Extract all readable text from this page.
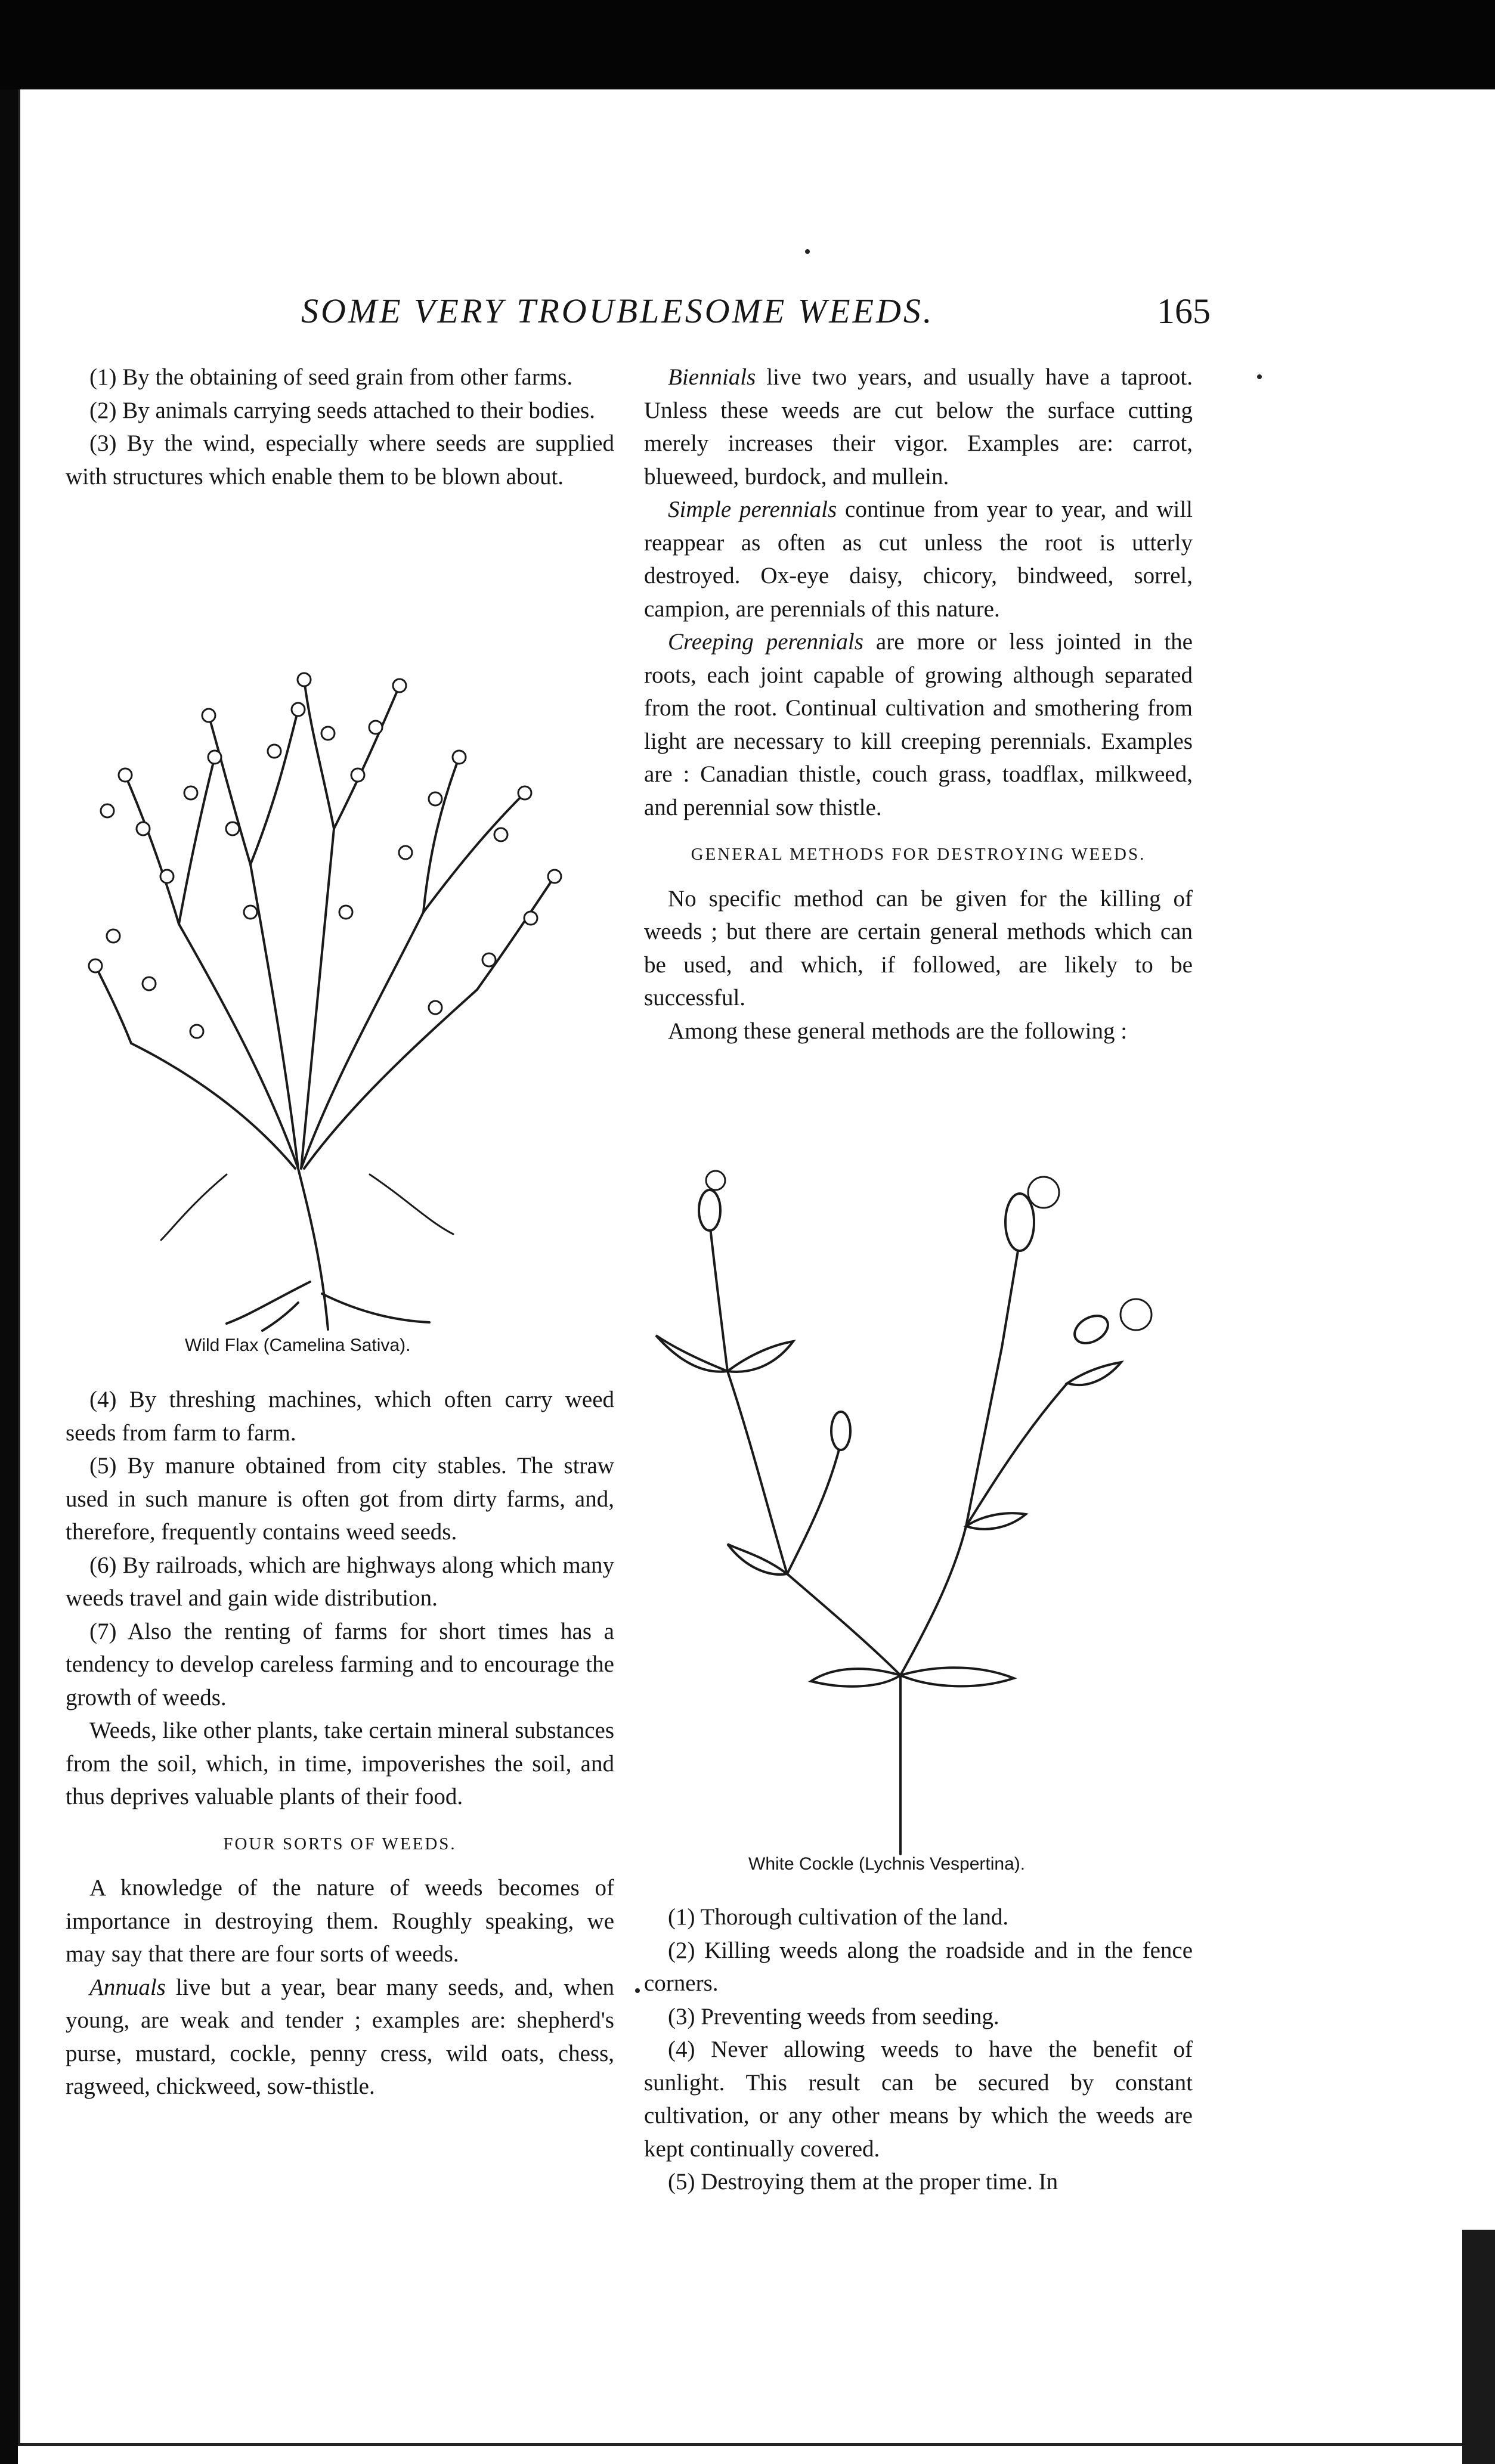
SOME VERY TROUBLESOME WEEDS.	165

(1) By the obtaining of seed grain from other farms.

(2) By animals carrying seeds attached to their bodies.

(3) By the wind, especially where seeds are supplied with structures which enable them to be blown about.

Wild Flax (Camelina Sativa).

(4) By threshing machines, which often carry weed seeds from farm to farm.

(5) By manure obtained from city stables. The straw used in such manure is often got from dirty farms, and, therefore, frequently contains weed seeds.

(6) By railroads, which are highways along which many weeds travel and gain wide distribution.

(7) Also the renting of farms for short times has a tendency to develop careless farming and to encourage the growth of weeds.

Weeds, like other plants, take certain mineral substances from the soil, which, in time, impoverishes the soil, and thus deprives valuable plants of their food.

FOUR SORTS OF WEEDS.

A knowledge of the nature of weeds becomes of importance in destroying them. Roughly speaking, we may say that there are four sorts of weeds.

Annuals live but a year, bear many seeds, and, when young, are weak and tender ; examples are: shepherd's purse, mustard, cockle, penny cress, wild oats, chess, ragweed, chickweed, sow-thistle.

Biennials live two years, and usually have a taproot. Unless these weeds are cut below the surface cutting merely increases their vigor. Examples are: carrot, blueweed, burdock, and mullein.

Simple perennials continue from year to year, and will reappear as often as cut unless the root is utterly destroyed. Ox-eye daisy, chicory, bindweed, sorrel, campion, are perennials of this nature.

Creeping perennials are more or less jointed in the roots, each joint capable of growing although separated from the root. Continual cultivation and smothering from light are necessary to kill creeping perennials. Examples are : Canadian thistle, couch grass, toadflax, milkweed, and perennial sow thistle.

GENERAL METHODS FOR DESTROYING WEEDS.

No specific method can be given for the killing of weeds ; but there are certain general methods which can be used, and which, if followed, are likely to be successful.

Among these general methods are the following :

White Cockle (Lychnis Vespertina).

(1) Thorough cultivation of the land.

(2) Killing weeds along the roadside and in the fence corners.

(3) Preventing weeds from seeding.

(4) Never allowing weeds to have the benefit of sunlight. This result can be secured by constant cultivation, or any other means by which the weeds are kept continually covered.

(5) Destroying them at the proper time. In
